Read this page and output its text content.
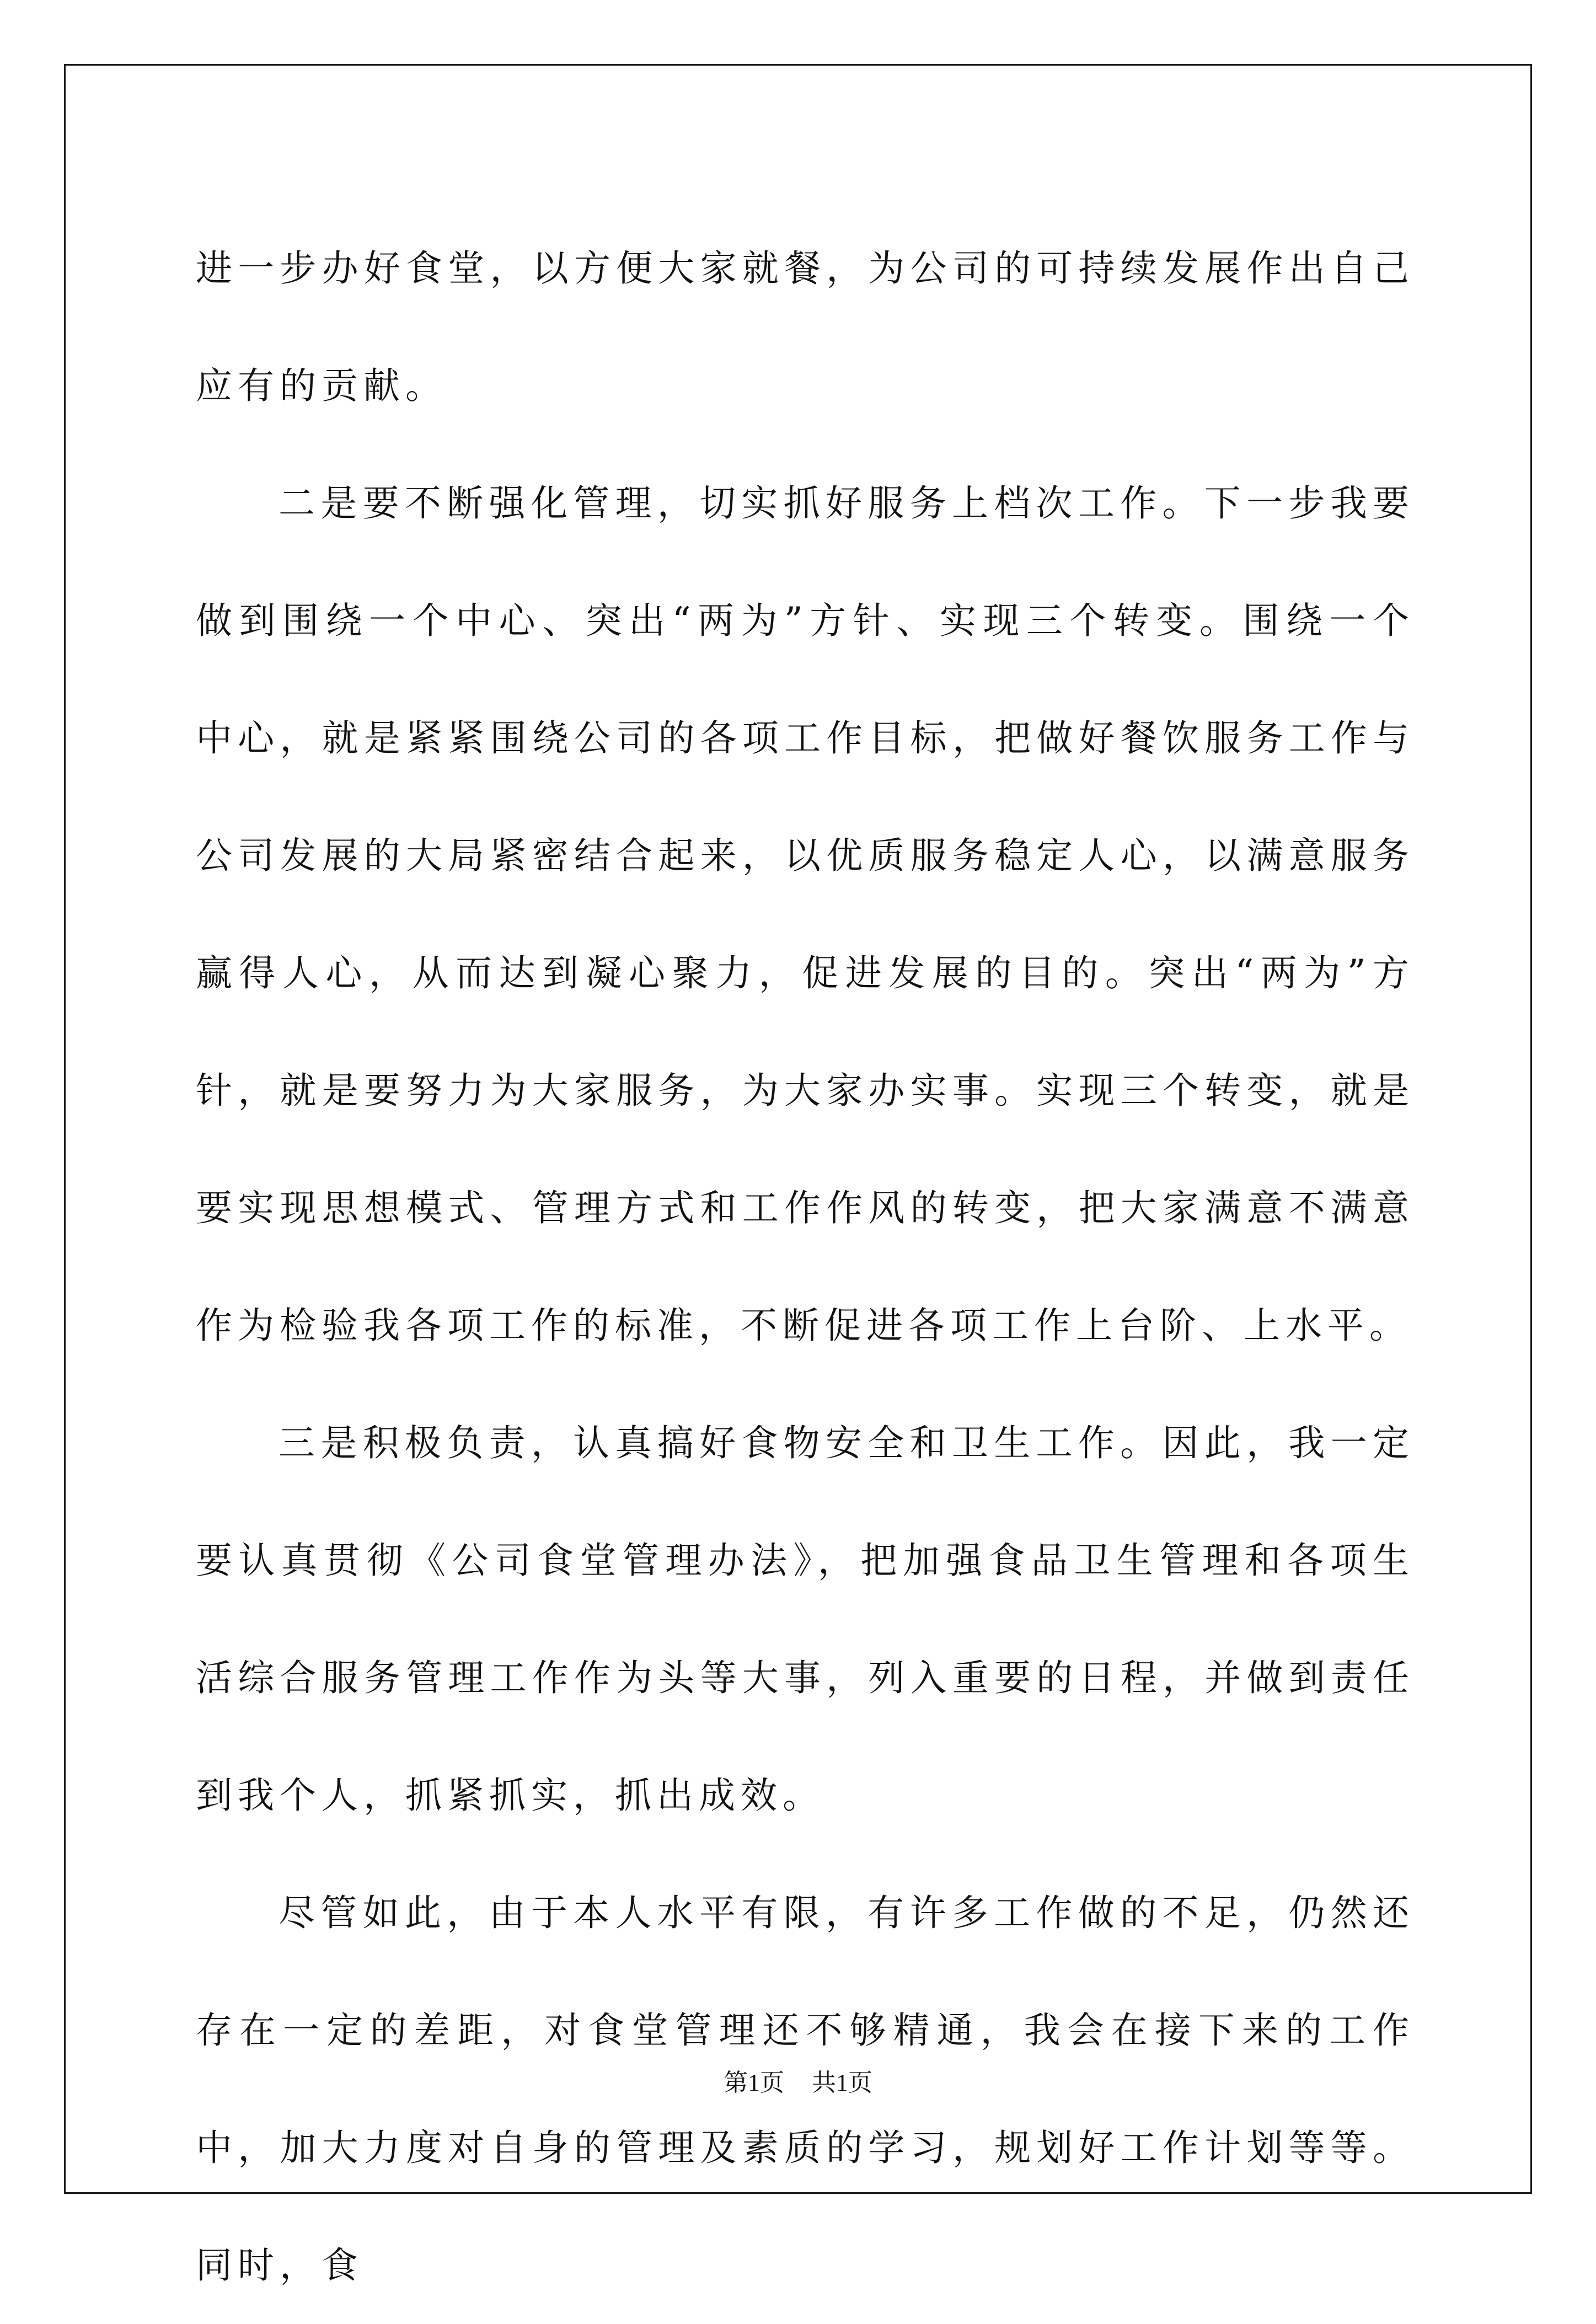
进一步办好食堂，以方便大家就餐，为公司的可持续发展作出自己应有的贡献。

二是要不断强化管理，切实抓好服务上档次工作。下一步我要做到围绕一个中心、突出“两为”方针、实现三个转变。围绕一个中心，就是紧紧围绕公司的各项工作目标，把做好餐饮服务工作与公司发展的大局紧密结合起来，以优质服务稳定人心，以满意服务赢得人心，从而达到凝心聚力，促进发展的目的。突出“两为”方针，就是要努力为大家服务，为大家办实事。实现三个转变，就是要实现思想模式、管理方式和工作作风的转变，把大家满意不满意作为检验我各项工作的标准，不断促进各项工作上台阶、上水平。

三是积极负责，认真搞好食物安全和卫生工作。因此，我一定要认真贯彻《公司食堂管理办法》，把加强食品卫生管理和各项生活综合服务管理工作作为头等大事，列入重要的日程，并做到责任到我个人，抓紧抓实，抓出成效。

尽管如此，由于本人水平有限，有许多工作做的不足，仍然还存在一定的差距，对食堂管理还不够精通，我会在接下来的工作中，加大力度对自身的管理及素质的学习，规划好工作计划等等。同时，食

第1页 共1页
